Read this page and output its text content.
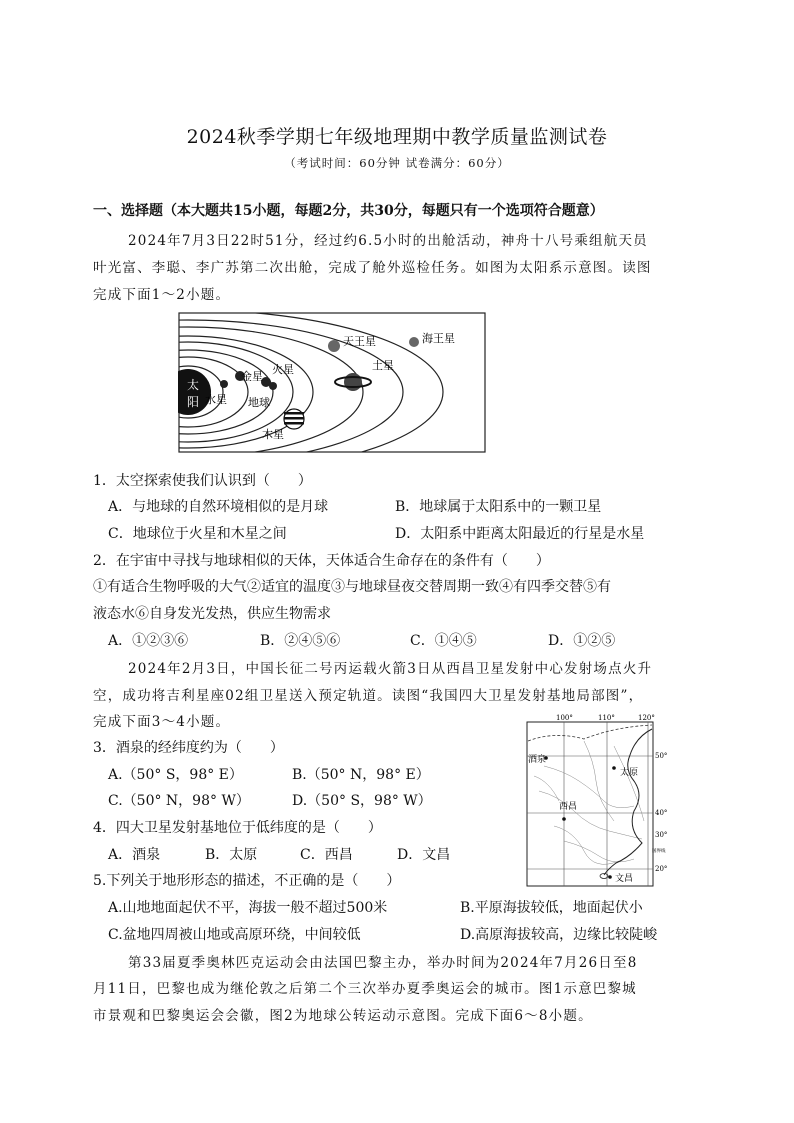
2024秋季学期七年级地理期中教学质量监测试卷
（考试时间：60分钟 试卷满分：60分）
一、选择题（本大题共15小题，每题2分，共30分，每题只有一个选项符合题意）
2024年7月3日22时51分，经过约6.5小时的出舱活动，神舟十八号乘组航天员
叶光富、李聪、李广苏第二次出舱，完成了舱外巡检任务。如图为太阳系示意图。读图
完成下面1～2小题。
太
阳 水星
金星
火星
地球
木星
土星
天王星	海王星
1．太空探索使我们认识到（　　）
A．与地球的自然环境相似的是月球	B．地球属于太阳系中的一颗卫星
C．地球位于火星和木星之间	D．太阳系中距离太阳最近的行星是水星
2．在宇宙中寻找与地球相似的天体，天体适合生命存在的条件有（　　）
①有适合生物呼吸的大气②适宜的温度③与地球昼夜交替周期一致④有四季交替⑤有
液态水⑥自身发光发热，供应生物需求
A．①②③⑥	B．②④⑤⑥	C．①④⑤	D．①②⑤
2024年2月3日，中国长征二号丙运载火箭3日从西昌卫星发射中心发射场点火升
空，成功将吉利星座02组卫星送入预定轨道。读图“我国四大卫星发射基地局部图”，
完成下面3～4小题。	100°	110°	120°
酒泉
太原
西昌
文昌
50°
40°
30°
20°
国界线
3．酒泉的经纬度约为（　　）
A.（50° S，98° E）	B.（50° N，98° E）
C.（50° N，98° W）	D.（50° S，98° W）
4．四大卫星发射基地位于低纬度的是（　　）
A．酒泉	B．太原	C．西昌	D．文昌
5.下列关于地形形态的描述，不正确的是（　　）
A.山地地面起伏不平，海拔一般不超过500米	B.平原海拔较低，地面起伏小
C.盆地四周被山地或高原环绕，中间较低	D.高原海拔较高，边缘比较陡峻
第33届夏季奥林匹克运动会由法国巴黎主办，举办时间为2024年7月26日至8
月11日，巴黎也成为继伦敦之后第二个三次举办夏季奥运会的城市。图1示意巴黎城
市景观和巴黎奥运会会徽，图2为地球公转运动示意图。完成下面6～8小题。
